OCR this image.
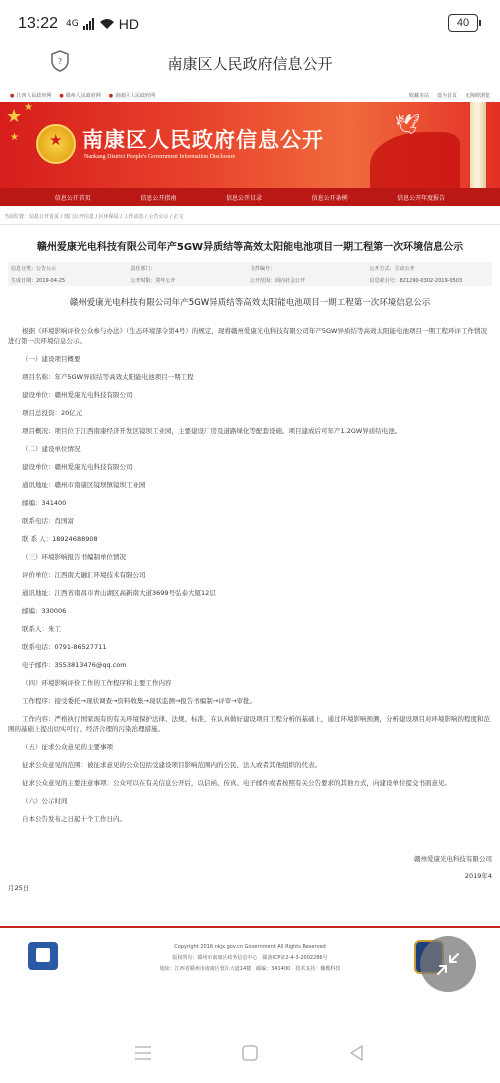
13:22 4G	HD	40
?	南康区人民政府信息公开
● 江西人民政府网	● 赣州人民政府网	● 南康区人民政府网	收藏本站 设为首页 无障碍浏览
★ ★
★ ★	南康区人民政府信息公开
Nankang District People's Government Information Disclosure
🕊
信息公开首页	信息公开指南	信息公开目录	信息公开条例	信息公开年度报告
当前位置：信息公开首页 / 部门公开信息 / 区环保局 / 工作动态 / 公告公示 / 正文
赣州爱康光电科技有限公司年产5GW异质结等高效太阳能电池项目一期工程第一次环境信息公示
信息分类：公告公示	责任部门：	文件编号：	公开方式：主动公开
生成日期：2019-04-25	公开时限：常年公开	公开范围：面向社会公开	信息索引号：821290-0302-2019-0503
赣州爱康光电科技有限公司年产5GW异质结等高效太阳能电池项目一期工程第一次环境信息公示

根据《环境影响评价公众参与办法》（生态环境部令第4号）的规定，现将赣州爱康光电科技有限公司年产5GW异质结等高效太阳能电池项目一期工程环评工作情况进行第一次环境信息公示。

（一）建设项目概要

项目名称：年产5GW异质结等高效太阳能电池项目一期工程

建设单位：赣州爱康光电科技有限公司

项目总投资：20亿元

项目概况：项目位于江西南康经济开发区镜坝工业园，主要建设厂房及道路绿化等配套设施。项目建成后可年产1.2GW异质结电池。

（二）建设单位情况

建设单位：赣州爱康光电科技有限公司

通讯地址：赣州市南康区镜坝镇镜坝工业园

邮编：341400

联系电话：肖国富

联 系 人：18924688908

（三）环境影响报告书编制单位情况

评价单位：江西南大融汇环境技术有限公司

通讯地址：江西省南昌市青山湖区高新南大道3699号弘泰大厦12层

邮编：330006

联系人：朱工

联系电话：0791-86527711

电子邮件：3553813476@qq.com

（四）环境影响评价工作的工作程序和主要工作内容

工作程序：接受委托→现状调查→资料收集→现状监测→报告书编制→评审→审批。

工作内容：严格执行国家现有的有关环境保护法律、法规、标准，在认真做好建设项目工程分析的基础上，通过环境影响预测，分析建设项目对环境影响的程度和范围的基础上提出切实可行、经济合理的污染治理措施。

（五）征求公众意见的主要事项

征求公众意见的范围：被征求意见的公众包括受建设项目影响范围内的公民、法人或者其他组织的代表。

征求公众意见的主要注意事项：公众可以在有关信息公开后，以信函、传真、电子邮件或者按照有关公告要求的其他方式，向建设单位提交书面意见。

（六）公示时间

自本公告发布之日起十个工作日内。

赣州爱康光电科技有限公司
2019年4
月25日
Copyright 2016 nkjx.gov.cn Government All Rights Reserved
版权所有：赣州市南康区政务信息中心　赣备ICP证2-4-3-2002286号
地址：江西省赣州市南康区蓉江大道14楼　邮编：341400　技术支持：橄榄科技
